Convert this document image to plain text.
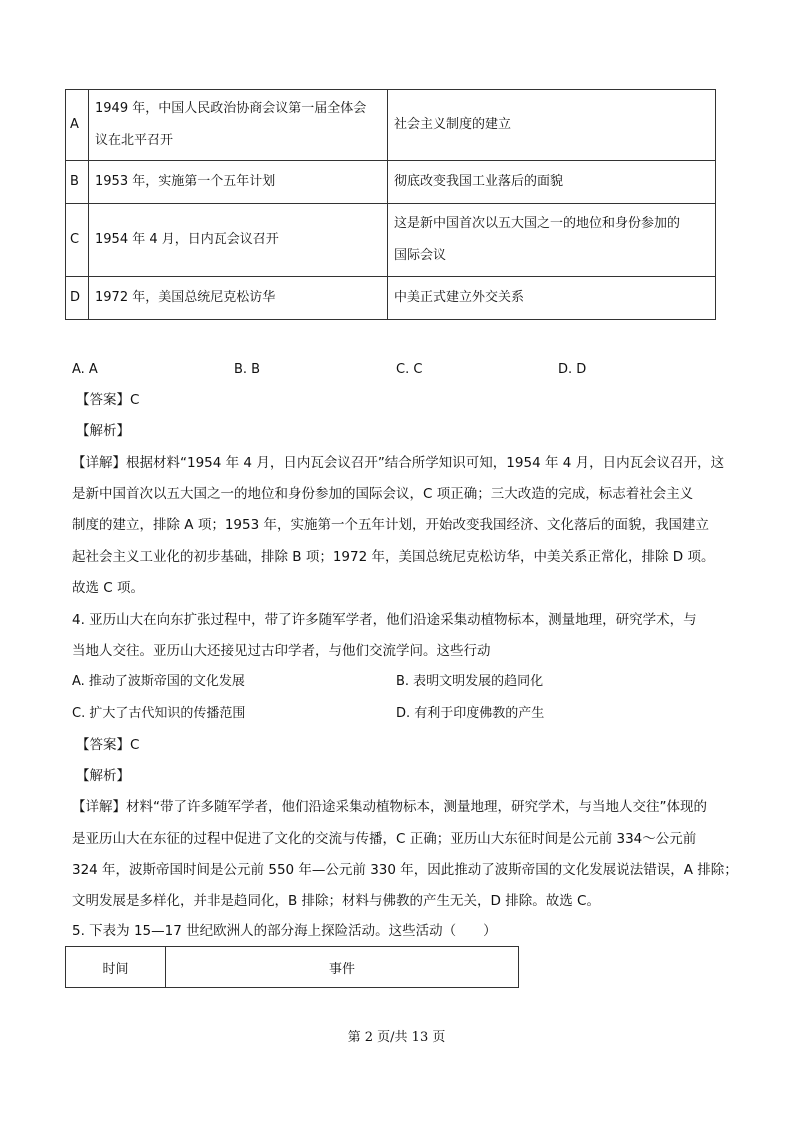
A	1949 年，中国人民政治协商会议第一届全体会
议在北平召开	社会主义制度的建立

B	1953 年，实施第一个五年计划	彻底改变我国工业落后的面貌

C	1954 年 4 月，日内瓦会议召开	这是新中国首次以五大国之一的地位和身份参加的
国际会议

D	1972 年，美国总统尼克松访华	中美正式建立外交关系
A. A	B. B	C. C	D. D
【答案】C
【解析】
【详解】根据材料“1954 年 4 月，日内瓦会议召开”结合所学知识可知，1954 年 4 月，日内瓦会议召开，这
是新中国首次以五大国之一的地位和身份参加的国际会议，C 项正确；三大改造的完成，标志着社会主义
制度的建立，排除 A 项；1953 年，实施第一个五年计划，开始改变我国经济、文化落后的面貌，我国建立
起社会主义工业化的初步基础，排除 B 项；1972 年，美国总统尼克松访华，中美关系正常化，排除 D 项。
故选 C 项。
4. 亚历山大在向东扩张过程中，带了许多随军学者，他们沿途采集动植物标本，测量地理，研究学术，与
当地人交往。亚历山大还接见过古印学者，与他们交流学问。这些行动
A. 推动了波斯帝国的文化发展	B. 表明文明发展的趋同化
C. 扩大了古代知识的传播范围	D. 有利于印度佛教的产生
【答案】C
【解析】
【详解】材料“带了许多随军学者，他们沿途采集动植物标本，测量地理，研究学术，与当地人交往”体现的
是亚历山大在东征的过程中促进了文化的交流与传播，C 正确；亚历山大东征时间是公元前 334～公元前
324 年，波斯帝国时间是公元前 550 年—公元前 330 年，因此推动了波斯帝国的文化发展说法错误，A 排除；
文明发展是多样化，并非是趋同化，B 排除；材料与佛教的产生无关，D 排除。故选 C。
5. 下表为 15—17 世纪欧洲人的部分海上探险活动。这些活动（　　）
时间	事件
第 2 页/共 13 页
